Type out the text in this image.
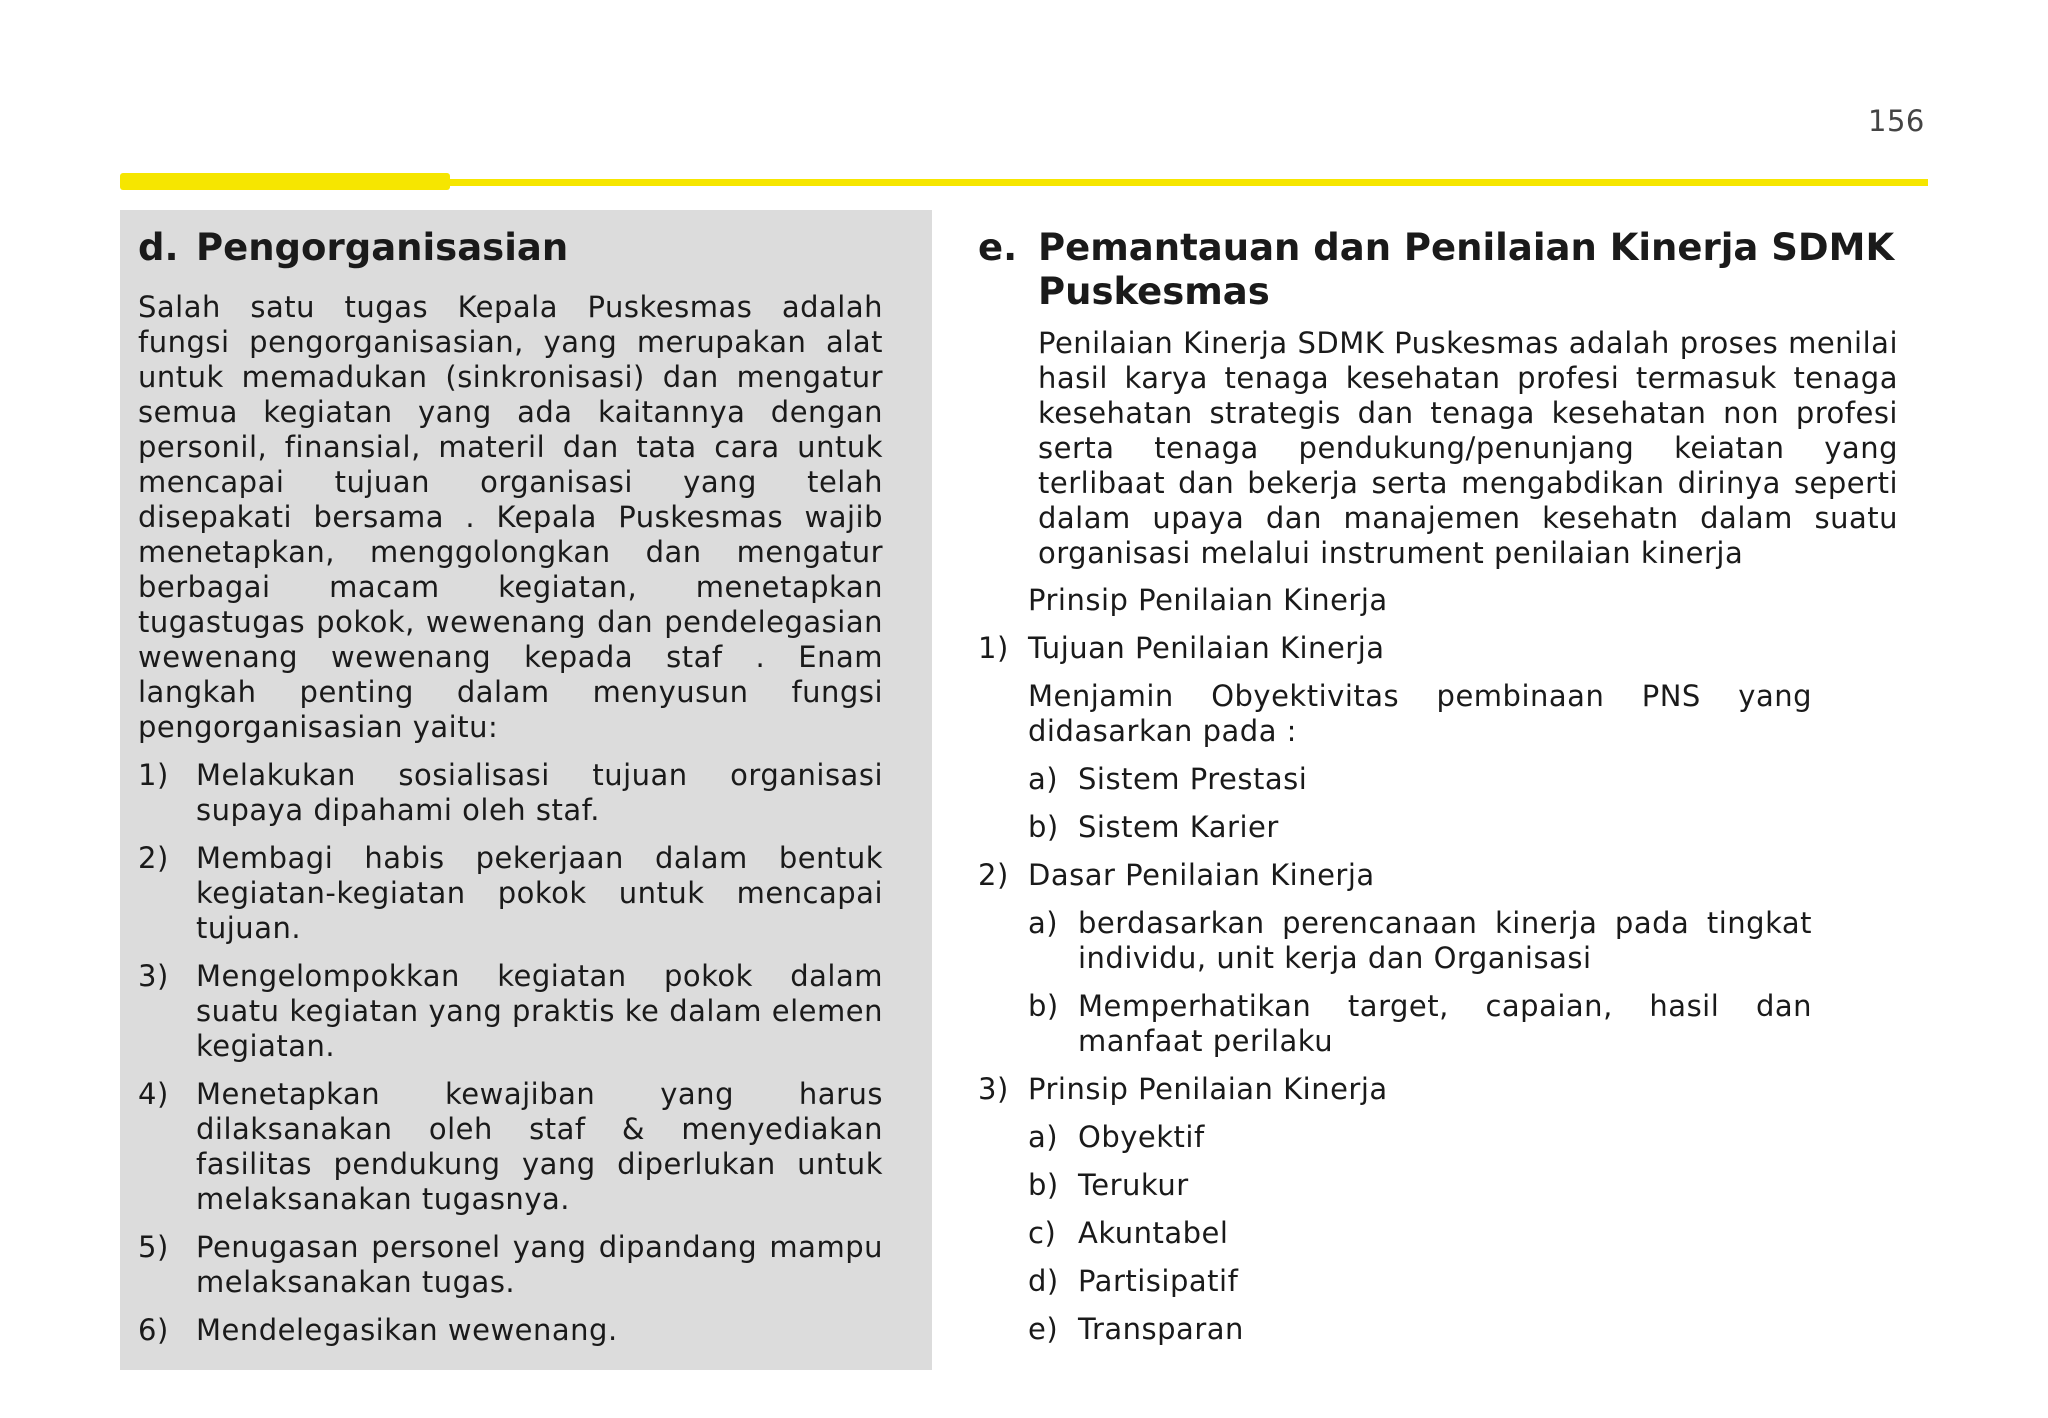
156
d. Pengorganisasian

Salah satu tugas Kepala Puskesmas adalah fungsi pengorganisasian, yang merupakan alat untuk memadukan (sinkronisasi) dan mengatur semua kegiatan yang ada kaitannya dengan personil, finansial, materil dan tata cara untuk mencapai tujuan organisasi yang telah disepakati bersama . Kepala Puskesmas wajib menetapkan, menggolongkan dan mengatur berbagai macam kegiatan, menetapkan tugastugas pokok, wewenang dan pendelegasian wewenang wewenang kepada staf . Enam langkah penting dalam menyusun fungsi pengorganisasian yaitu:

1) Melakukan sosialisasi tujuan organisasi supaya dipahami oleh staf.
2) Membagi habis pekerjaan dalam bentuk kegiatan-kegiatan pokok untuk mencapai tujuan.
3) Mengelompokkan kegiatan pokok dalam suatu kegiatan yang praktis ke dalam elemen kegiatan.
4) Menetapkan kewajiban yang harus dilaksanakan oleh staf & menyediakan fasilitas pendukung yang diperlukan untuk melaksanakan tugasnya.
5) Penugasan personel yang dipandang mampu melaksanakan tugas.
6) Mendelegasikan wewenang.
e. Pemantauan dan Penilaian Kinerja SDMK Puskesmas

Penilaian Kinerja SDMK Puskesmas adalah proses menilai hasil karya tenaga kesehatan profesi termasuk tenaga kesehatan strategis dan tenaga kesehatan non profesi serta tenaga pendukung/penunjang keiatan yang terlibaat dan bekerja serta mengabdikan dirinya seperti dalam upaya dan manajemen kesehatn dalam suatu organisasi melalui instrument penilaian kinerja

Prinsip Penilaian Kinerja
1) Tujuan Penilaian Kinerja
Menjamin Obyektivitas pembinaan PNS yang didasarkan pada :
a) Sistem Prestasi
b) Sistem Karier
2) Dasar Penilaian Kinerja
a) berdasarkan perencanaan kinerja pada tingkat individu, unit kerja dan Organisasi
b) Memperhatikan target, capaian, hasil dan manfaat perilaku
3) Prinsip Penilaian Kinerja
a) Obyektif
b) Terukur
c) Akuntabel
d) Partisipatif
e) Transparan
